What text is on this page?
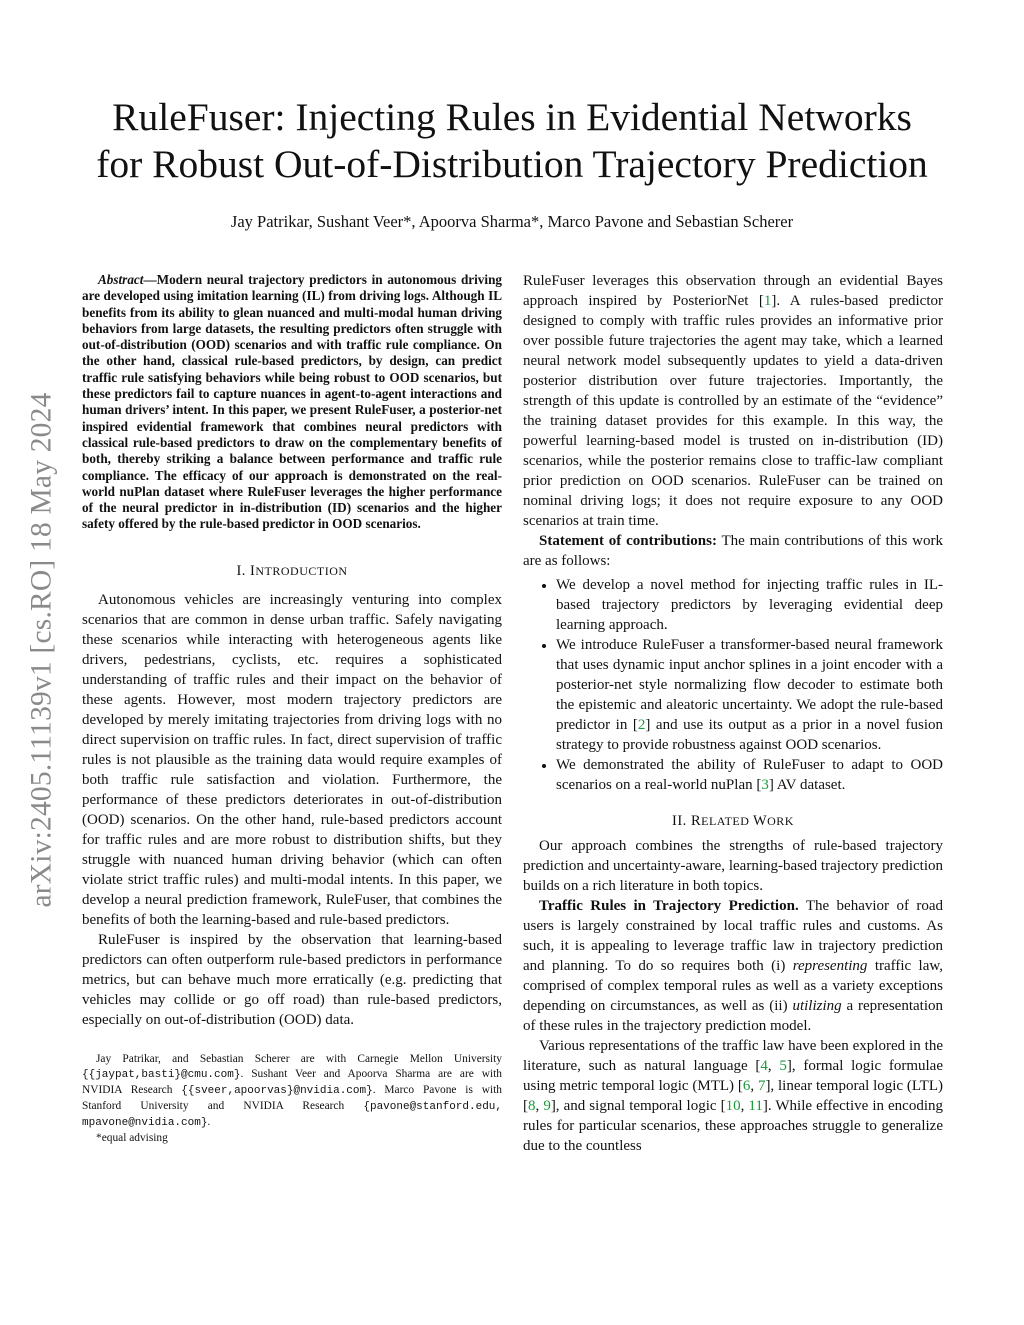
arXiv:2405.11139v1 [cs.RO] 18 May 2024
RuleFuser: Injecting Rules in Evidential Networks
for Robust Out-of-Distribution Trajectory Prediction
Jay Patrikar, Sushant Veer*, Apoorva Sharma*, Marco Pavone and Sebastian Scherer

Abstract—Modern neural trajectory predictors in autonomous driving are developed using imitation learning (IL) from driving logs. Although IL benefits from its ability to glean nuanced and multi-modal human driving behaviors from large datasets, the resulting predictors often struggle with out-of-distribution (OOD) scenarios and with traffic rule compliance. On the other hand, classical rule-based predictors, by design, can predict traffic rule satisfying behaviors while being robust to OOD scenarios, but these predictors fail to capture nuances in agent-to-agent interactions and human drivers’ intent. In this paper, we present RuleFuser, a posterior-net inspired evidential framework that combines neural predictors with classical rule-based predictors to draw on the complementary benefits of both, thereby striking a balance between performance and traffic rule compliance. The efficacy of our approach is demonstrated on the real-world nuPlan dataset where RuleFuser leverages the higher performance of the neural predictor in in-distribution (ID) scenarios and the higher safety offered by the rule-based predictor in OOD scenarios.

I. INTRODUCTION

Autonomous vehicles are increasingly venturing into complex scenarios that are common in dense urban traffic. Safely navigating these scenarios while interacting with heterogeneous agents like drivers, pedestrians, cyclists, etc. requires a sophisticated understanding of traffic rules and their impact on the behavior of these agents. However, most modern trajectory predictors are developed by merely imitating trajectories from driving logs with no direct supervision on traffic rules. In fact, direct supervision of traffic rules is not plausible as the training data would require examples of both traffic rule satisfaction and violation. Furthermore, the performance of these predictors deteriorates in out-of-distribution (OOD) scenarios. On the other hand, rule-based predictors account for traffic rules and are more robust to distribution shifts, but they struggle with nuanced human driving behavior (which can often violate strict traffic rules) and multi-modal intents. In this paper, we develop a neural prediction framework, RuleFuser, that combines the benefits of both the learning-based and rule-based predictors.

RuleFuser is inspired by the observation that learning-based predictors can often outperform rule-based predictors in performance metrics, but can behave much more erratically (e.g. predicting that vehicles may collide or go off road) than rule-based predictors, especially on out-of-distribution (OOD) data.

Jay Patrikar, and Sebastian Scherer are with Carnegie Mellon University {{jaypat,basti}@cmu.com}. Sushant Veer and Apoorva Sharma are are with NVIDIA Research {{sveer,apoorvas}@nvidia.com}. Marco Pavone is with Stanford University and NVIDIA Research {pavone@stanford.edu, mpavone@nvidia.com}.

*equal advising

RuleFuser leverages this observation through an evidential Bayes approach inspired by PosteriorNet [1]. A rules-based predictor designed to comply with traffic rules provides an informative prior over possible future trajectories the agent may take, which a learned neural network model subsequently updates to yield a data-driven posterior distribution over future trajectories. Importantly, the strength of this update is controlled by an estimate of the “evidence” the training dataset provides for this example. In this way, the powerful learning-based model is trusted on in-distribution (ID) scenarios, while the posterior remains close to traffic-law compliant prior prediction on OOD scenarios. RuleFuser can be trained on nominal driving logs; it does not require exposure to any OOD scenarios at train time.

Statement of contributions: The main contributions of this work are as follows:

• We develop a novel method for injecting traffic rules in IL-based trajectory predictors by leveraging evidential deep learning approach.
• We introduce RuleFuser a transformer-based neural framework that uses dynamic input anchor splines in a joint encoder with a posterior-net style normalizing flow decoder to estimate both the epistemic and aleatoric uncertainty. We adopt the rule-based predictor in [2] and use its output as a prior in a novel fusion strategy to provide robustness against OOD scenarios.
• We demonstrated the ability of RuleFuser to adapt to OOD scenarios on a real-world nuPlan [3] AV dataset.
II. RELATED WORK

Our approach combines the strengths of rule-based trajectory prediction and uncertainty-aware, learning-based trajectory prediction builds on a rich literature in both topics.

Traffic Rules in Trajectory Prediction. The behavior of road users is largely constrained by local traffic rules and customs. As such, it is appealing to leverage traffic law in trajectory prediction and planning. To do so requires both (i) representing traffic law, comprised of complex temporal rules as well as a variety exceptions depending on circumstances, as well as (ii) utilizing a representation of these rules in the trajectory prediction model.

Various representations of the traffic law have been explored in the literature, such as natural language [4, 5], formal logic formulae using metric temporal logic (MTL) [6, 7], linear temporal logic (LTL) [8, 9], and signal temporal logic [10, 11]. While effective in encoding rules for particular scenarios, these approaches struggle to generalize due to the countless
